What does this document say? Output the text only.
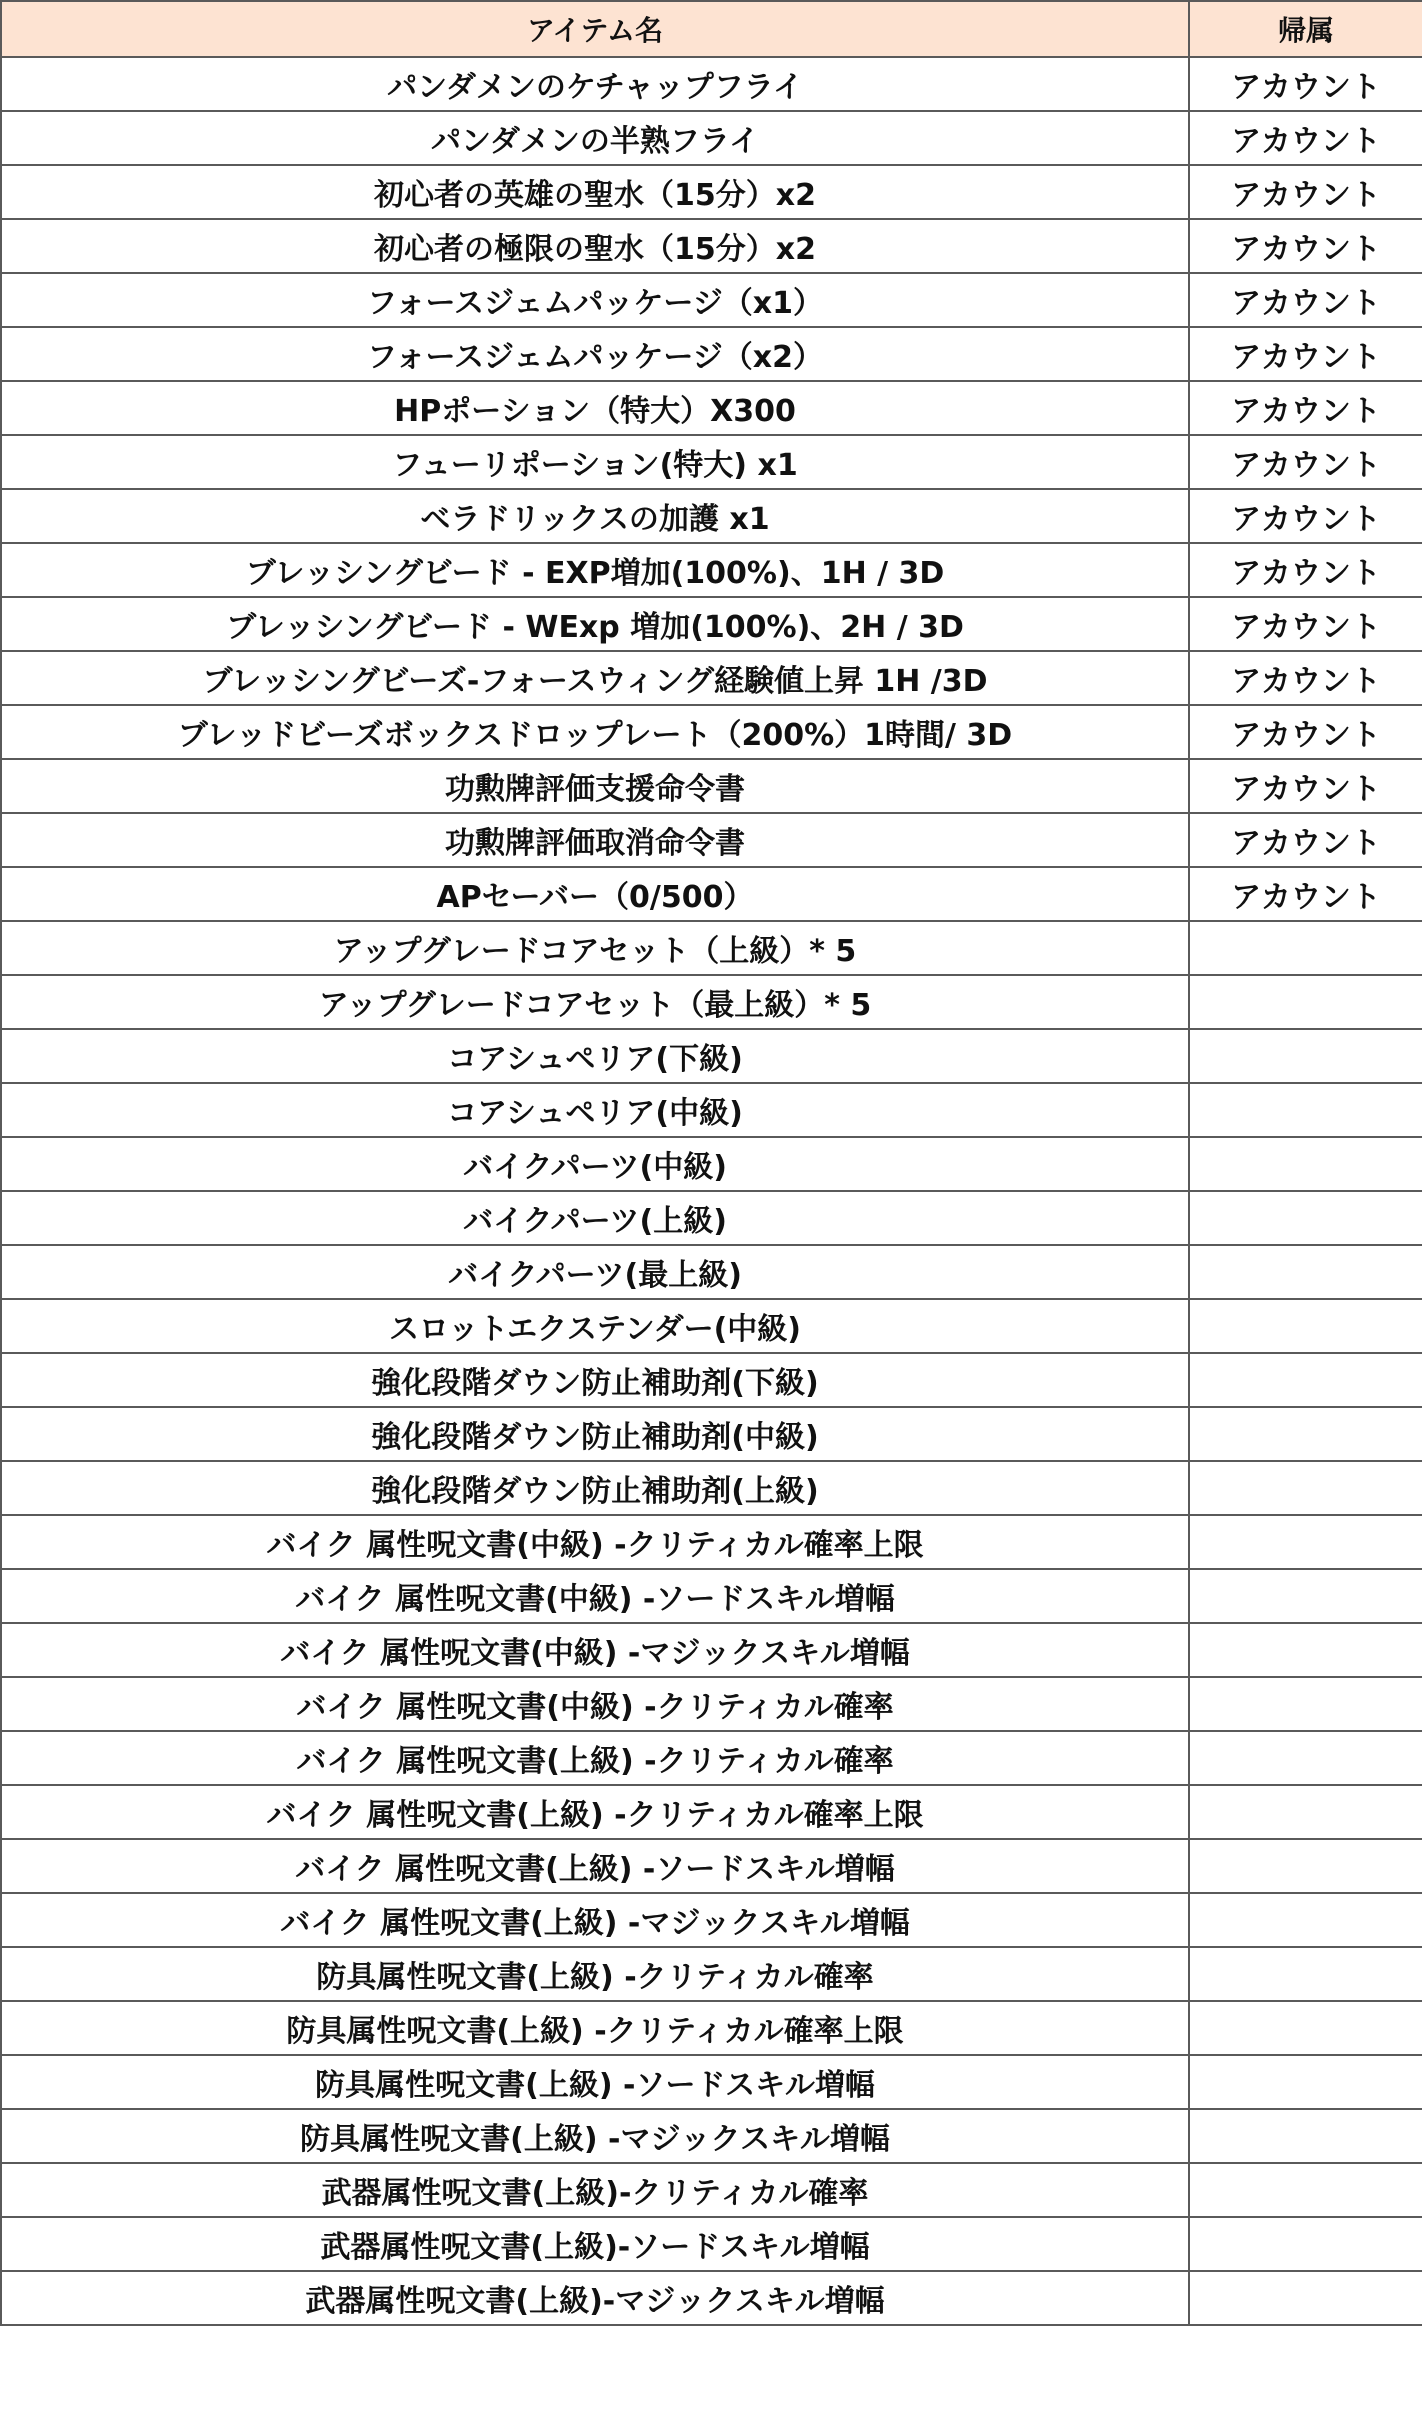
アイテム名	帰属
パンダメンのケチャップフライ	アカウント
パンダメンの半熟フライ	アカウント
初心者の英雄の聖水（15分）x2	アカウント
初心者の極限の聖水（15分）x2	アカウント
フォースジェムパッケージ（x1）	アカウント
フォースジェムパッケージ（x2）	アカウント
HPポーション（特大）X300	アカウント
フューリポーション(特大) x1	アカウント
ベラドリックスの加護 x1	アカウント
ブレッシングビード - EXP増加(100%)、1H / 3D	アカウント
ブレッシングビード - WExp 増加(100%)、2H / 3D	アカウント
ブレッシングビーズ-フォースウィング経験値上昇 1H /3D	アカウント
ブレッドビーズボックスドロップレート（200%）1時間/ 3D	アカウント
功勲牌評価支援命令書	アカウント
功勲牌評価取消命令書	アカウント
APセーバー（0/500）	アカウント
アップグレードコアセット（上級）* 5	
アップグレードコアセット（最上級）* 5	
コアシュペリア(下級)	
コアシュペリア(中級)	
バイクパーツ(中級)	
バイクパーツ(上級)	
バイクパーツ(最上級)	
スロットエクステンダー(中級)	
強化段階ダウン防止補助剤(下級)	
強化段階ダウン防止補助剤(中級)	
強化段階ダウン防止補助剤(上級)	
バイク 属性呪文書(中級) -クリティカル確率上限	
バイク 属性呪文書(中級) -ソードスキル増幅	
バイク 属性呪文書(中級) -マジックスキル増幅	
バイク 属性呪文書(中級) -クリティカル確率	
バイク 属性呪文書(上級) -クリティカル確率	
バイク 属性呪文書(上級) -クリティカル確率上限	
バイク 属性呪文書(上級) -ソードスキル増幅	
バイク 属性呪文書(上級) -マジックスキル増幅	
防具属性呪文書(上級) -クリティカル確率	
防具属性呪文書(上級) -クリティカル確率上限	
防具属性呪文書(上級) -ソードスキル増幅	
防具属性呪文書(上級) -マジックスキル増幅	
武器属性呪文書(上級)-クリティカル確率	
武器属性呪文書(上級)-ソードスキル増幅	
武器属性呪文書(上級)-マジックスキル増幅	
